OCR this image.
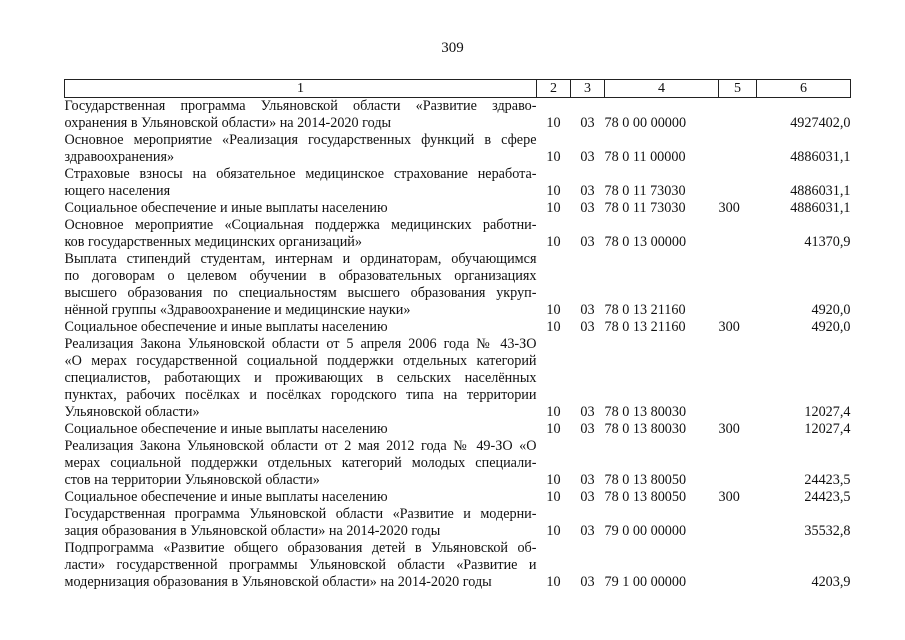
309
1	2	3	4	5	6

Государственная программа Ульяновской области «Развитие здраво-
охранения в Ульяновской области» на 2014-2020 годы	10	03	78 0 00 00000		4927402,0

Основное мероприятие «Реализация государственных функций в сфере
здравоохранения»	10	03	78 0 11 00000		4886031,1

Страховые взносы на обязательное медицинское страхование неработа-
ющего населения	10	03	78 0 11 73030		4886031,1

Социальное обеспечение и иные выплаты населению	10	03	78 0 11 73030	300	4886031,1

Основное мероприятие «Социальная поддержка медицинских работни-
ков государственных медицинских организаций»	10	03	78 0 13 00000		41370,9

Выплата стипендий студентам, интернам и ординаторам, обучающимся
по договорам о целевом обучении в образовательных организациях
высшего образования по специальностям высшего образования укруп-
нённой группы «Здравоохранение и медицинские науки»	10	03	78 0 13 21160		4920,0

Социальное обеспечение и иные выплаты населению	10	03	78 0 13 21160	300	4920,0

Реализация Закона Ульяновской области от 5 апреля 2006 года № 43-ЗО
«О мерах государственной социальной поддержки отдельных категорий
специалистов, работающих и проживающих в сельских населённых
пунктах, рабочих посёлках и посёлках городского типа на территории
Ульяновской области»	10	03	78 0 13 80030		12027,4

Социальное обеспечение и иные выплаты населению	10	03	78 0 13 80030	300	12027,4

Реализация Закона Ульяновской области от 2 мая 2012 года № 49-ЗО «О
мерах социальной поддержки отдельных категорий молодых специали-
стов на территории Ульяновской области»	10	03	78 0 13 80050		24423,5

Социальное обеспечение и иные выплаты населению	10	03	78 0 13 80050	300	24423,5

Государственная программа Ульяновской области «Развитие и модерни-
зация образования в Ульяновской области» на 2014-2020 годы	10	03	79 0 00 00000		35532,8

Подпрограмма «Развитие общего образования детей в Ульяновской об-
ласти» государственной программы Ульяновской области «Развитие и
модернизация образования в Ульяновской области» на 2014-2020 годы	10	03	79 1 00 00000		4203,9
